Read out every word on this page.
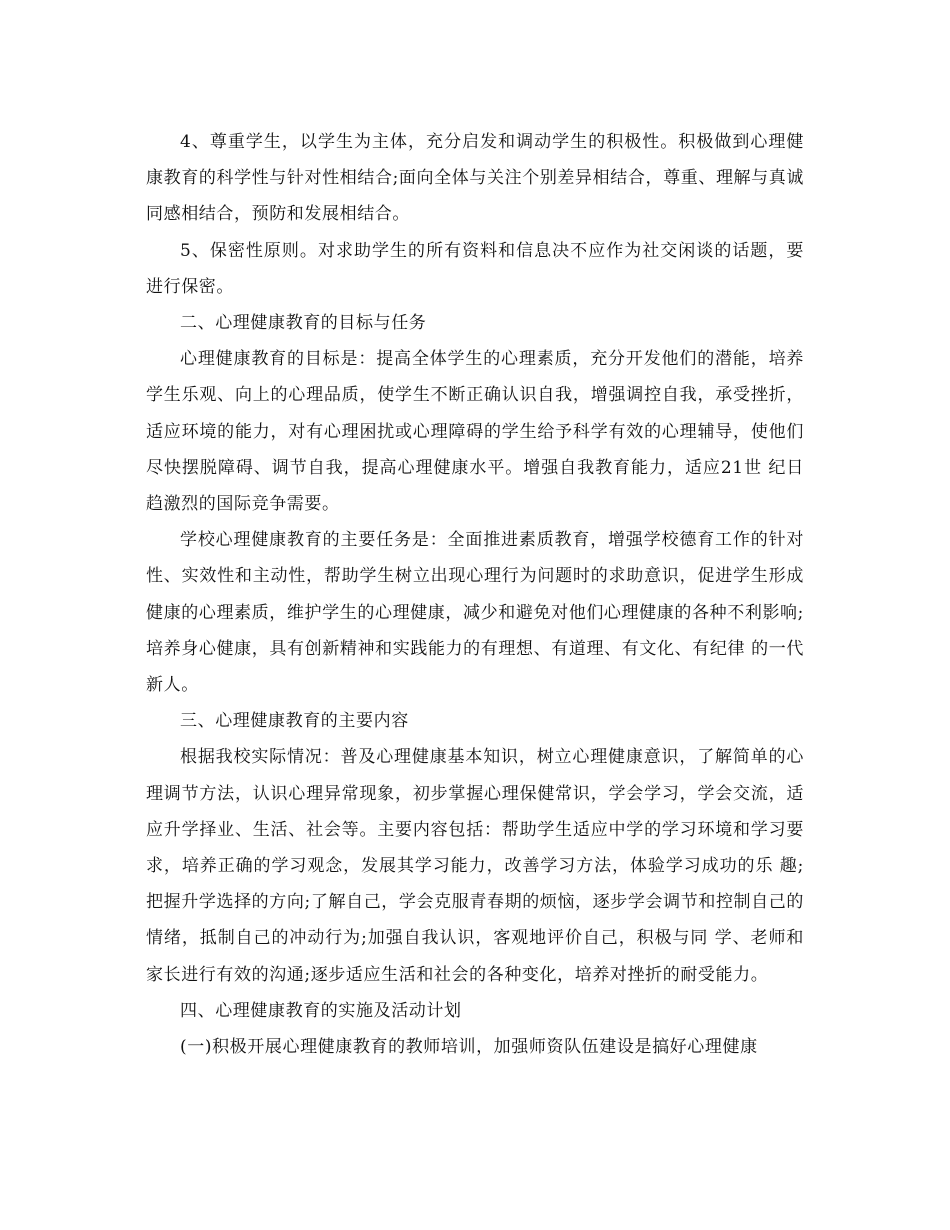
4、尊重学生，以学生为主体，充分启发和调动学生的积极性。积极做到心理健康教育的科学性与针对性相结合;面向全体与关注个别差异相结合，尊重、理解与真诚同感相结合，预防和发展相结合。

5、保密性原则。对求助学生的所有资料和信息决不应作为社交闲谈的话题，要进行保密。

二、心理健康教育的目标与任务

心理健康教育的目标是：提高全体学生的心理素质，充分开发他们的潜能，培养学生乐观、向上的心理品质，使学生不断正确认识自我，增强调控自我，承受挫折， 适应环境的能力，对有心理困扰或心理障碍的学生给予科学有效的心理辅导，使他们尽快摆脱障碍、调节自我，提高心理健康水平。增强自我教育能力，适应21世 纪日趋激烈的国际竞争需要。

学校心理健康教育的主要任务是：全面推进素质教育，增强学校德育工作的针对性、实效性和主动性，帮助学生树立出现心理行为问题时的求助意识，促进学生形成 健康的心理素质，维护学生的心理健康，减少和避免对他们心理健康的各种不利影响;培养身心健康，具有创新精神和实践能力的有理想、有道理、有文化、有纪律 的一代新人。

三、心理健康教育的主要内容

根据我校实际情况：普及心理健康基本知识，树立心理健康意识，了解简单的心理调节方法，认识心理异常现象，初步掌握心理保健常识，学会学习，学会交流，适 应升学择业、生活、社会等。主要内容包括：帮助学生适应中学的学习环境和学习要求，培养正确的学习观念，发展其学习能力，改善学习方法，体验学习成功的乐 趣;把握升学选择的方向;了解自己，学会克服青春期的烦恼，逐步学会调节和控制自己的情绪，抵制自己的冲动行为;加强自我认识，客观地评价自己，积极与同 学、老师和家长进行有效的沟通;逐步适应生活和社会的各种变化，培养对挫折的耐受能力。

四、心理健康教育的实施及活动计划

(一)积极开展心理健康教育的教师培训，加强师资队伍建设是搞好心理健康
